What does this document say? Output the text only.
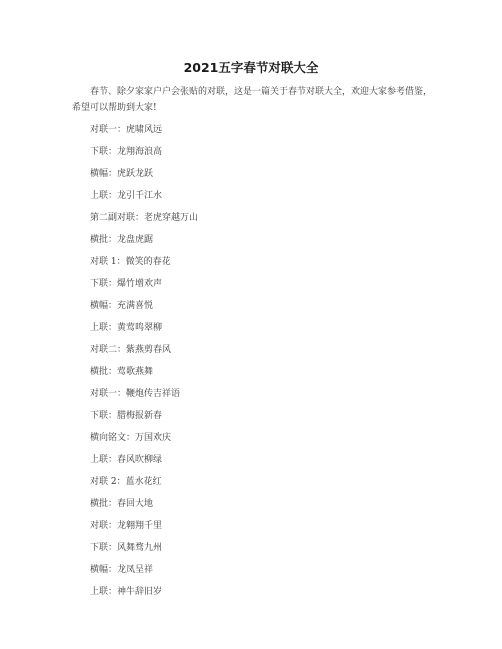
2021五字春节对联大全
春节、除夕家家户户会张贴的对联，这是一篇关于春节对联大全，欢迎大家参考借鉴，
希望可以帮助到大家!
对联一：虎啸风远
下联：龙翔海浪高
横幅：虎跃龙跃
上联：龙引千江水
第二副对联：老虎穿越万山
横批：龙盘虎踞
对联 1：微笑的春花
下联：爆竹增欢声
横幅：充满喜悦
上联：黄莺鸣翠柳
对联二：紫燕剪春风
横批：莺歌燕舞
对联一：鞭炮传吉祥语
下联：腊梅报新春
横向铭文：万国欢庆
上联：春风吹柳绿
对联 2：蓝水花红
横批：春回大地
对联：龙翱翔千里
下联：风舞骛九州
横幅：龙凤呈祥
上联：神牛辞旧岁
